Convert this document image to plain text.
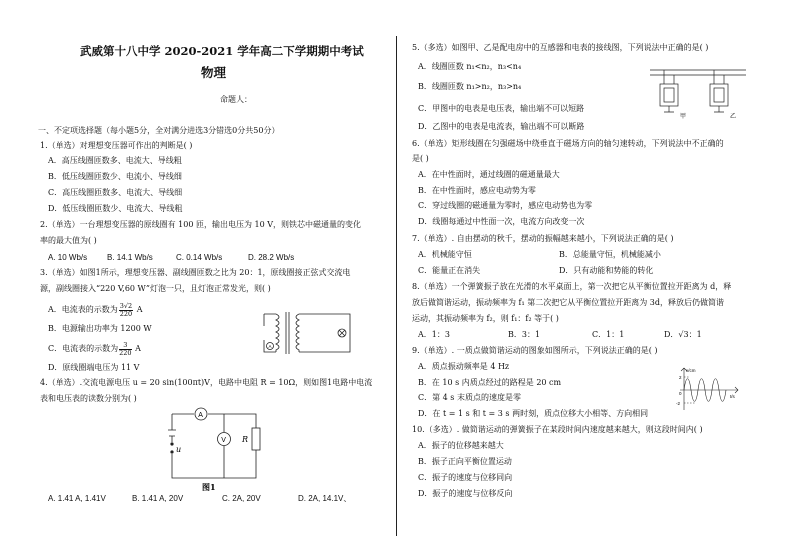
武威第十八中学 2020-2021 学年高二下学期期中考试
物理
命题人：
一、不定项选择题（每小题5分，全对满分进选3分错选0分共50分）
1.（单选）对理想变压器可作出的判断是( )
A．高压线圈匝数多、电流大、导线粗
B．低压线圈匝数少、电流小、导线细
C．高压线圈匝数多、电流大、导线细
D．低压线圈匝数少、电流大、导线粗
2.（单选）一台理想变压器的原线圈有 100 匝，输出电压为 10 V，则铁芯中磁通量的变化
率的最大值为( )
A. 10 Wb/s B. 14.1 Wb/s	C. 0.14 Wb/s	D. 28.2 Wb/s
3.（单选）如图1所示，理想变压器、副线圈匝数之比为 20：1，原线圈接正弦式交流电
源，副线圈接入“220 V,60 W”灯泡一只，且灯泡正常发光，则( )
A．电流表的示数为 $\frac{3√2}{220}$ A
B．电源输出功率为 1200 W
C．电流表的示数为 $\frac{3}{220}$ A
D．原线圈端电压为 11 V
A
4.（单选）.交流电源电压 u = 20 sin(100πt)V，电路中电阻 R = 10Ω，则如图1电路中电流
表和电压表的读数分别为( )
A
V
u
R
图1
A. 1.41 A, 1.41V	B. 1.41 A, 20V	C. 2A, 20V	D. 2A, 14.1V、
5.（多选）如图甲、乙是配电房中的互感器和电表的接线图，下列说法中正确的是( )
A．线圈匝数 n₁<n₂，n₃<n₄
B．线圈匝数 n₁>n₂，n₃>n₄
C．甲图中的电表是电压表，输出端不可以短路
D．乙图中的电表是电流表，输出端不可以断路
甲	乙
6.（单选）矩形线圈在匀强磁场中绕垂直于磁场方向的轴匀速转动，下列说法中不正确的
是( )
A．在中性面时，通过线圈的磁通量最大
B．在中性面时，感应电动势为零
C．穿过线圈的磁通量为零时，感应电动势也为零
D．线圈每通过中性面一次，电流方向改变一次
7.（单选）. 自由摆动的秋千，摆动的振幅越来越小，下列说法正确的是( )
A．机械能守恒	B．总能量守恒，机械能减小
C．能量正在消失	D．只有动能和势能的转化
8.（单选）一个弹簧振子放在光滑的水平桌面上，第一次把它从平衡位置拉开距离为 d，释
放后做简谐运动，振动频率为 f₁ 第二次把它从平衡位置拉开距离为 3d，释放后仍做简谐
运动，其振动频率为 f₂，则 f₁：f₂ 等于( )
A．1：3	B．3：1	C．1：1	D．√3：1
9.（单选）. 一质点做简谐运动的图象如图所示，下列说法正确的是( )
A．质点振动频率是 4 Hz
B．在 10 s 内质点经过的路程是 20 cm
C．第 4 s 末质点的速度是零
D．在 t = 1 s 和 t = 3 s 两时刻，质点位移大小相等、方向相同
x/cm
t/s
2
-2
0
10.（多选）. 做简谐运动的弹簧振子在某段时间内速度越来越大，则这段时间内( )
A．振子的位移越来越大
B．振子正向平衡位置运动
C．振子的速度与位移同向
D．振子的速度与位移反向
